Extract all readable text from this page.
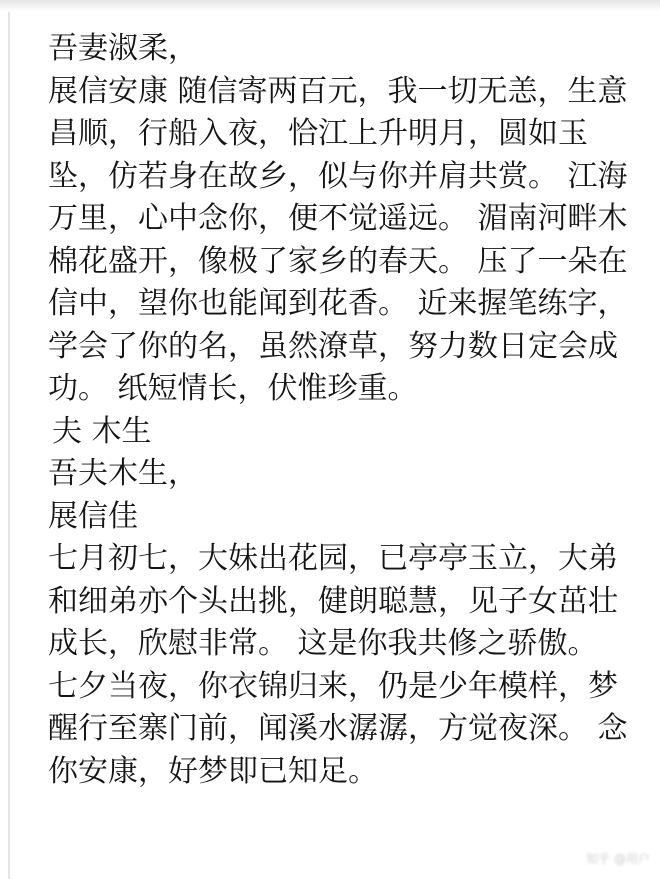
吾妻淑柔，
展信安康 随信寄两百元，我一切无恙，生意
昌顺，行船入夜，恰江上升明月，圆如玉
坠，仿若身在故乡，似与你并肩共赏。 江海
万里，心中念你，便不觉遥远。 湄南河畔木
棉花盛开，像极了家乡的春天。 压了一朵在
信中，望你也能闻到花香。 近来握笔练字，
学会了你的名，虽然潦草，努力数日定会成
功。 纸短情长，伏惟珍重。
夫 木生
吾夫木生，
展信佳
七月初七，大妹出花园，已亭亭玉立，大弟
和细弟亦个头出挑，健朗聪慧，见子女茁壮
成长，欣慰非常。 这是你我共修之骄傲。
七夕当夜，你衣锦归来，仍是少年模样，梦
醒行至寨门前，闻溪水潺潺，方觉夜深。 念
你安康，好梦即已知足。
知乎 @用户
